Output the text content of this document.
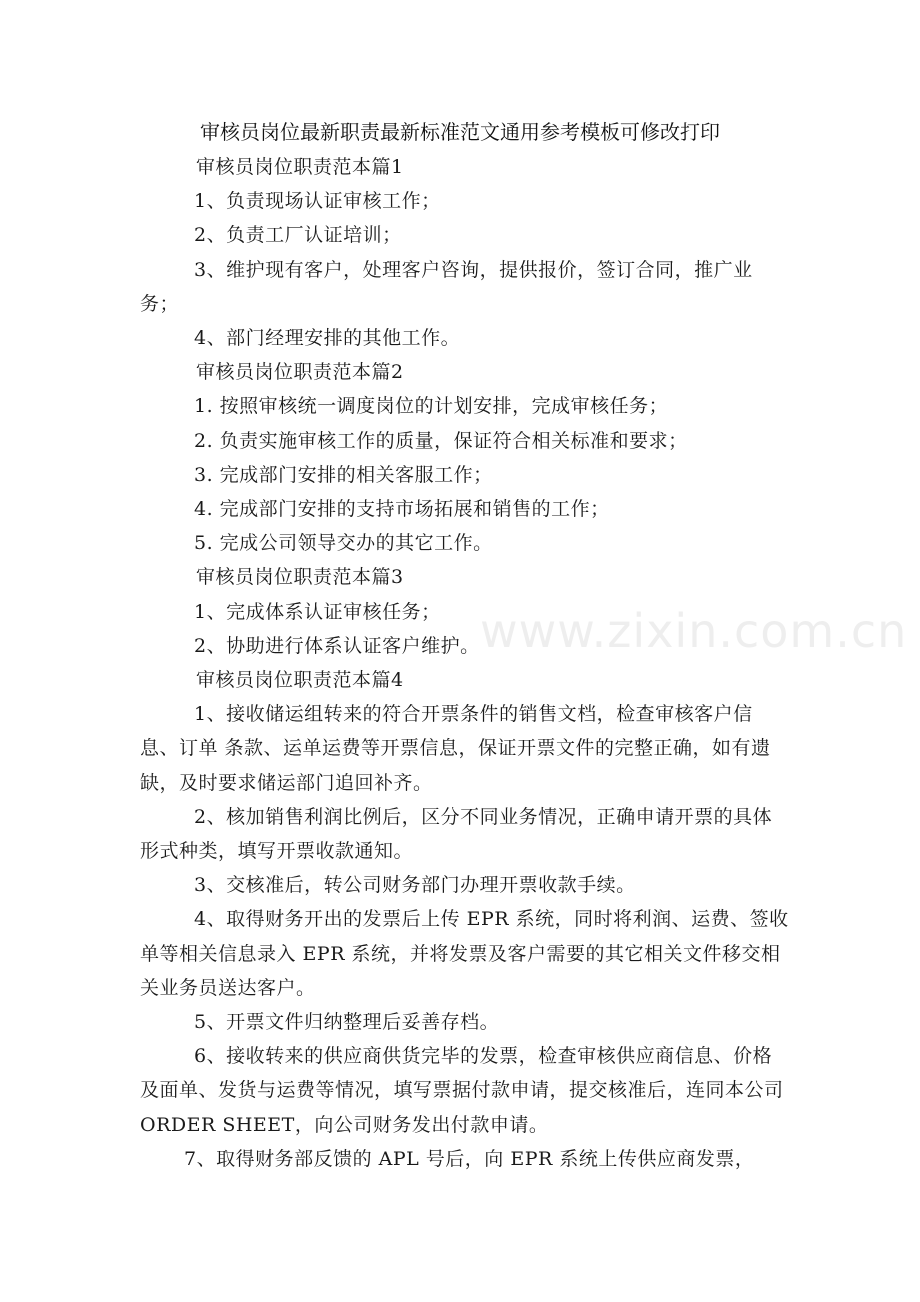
审核员岗位最新职责最新标准范文通用参考模板可修改打印

审核员岗位职责范本篇1

1、负责现场认证审核工作；

2、负责工厂认证培训；

3、维护现有客户，处理客户咨询，提供报价，签订合同，推广业务；

4、部门经理安排的其他工作。

审核员岗位职责范本篇2

1. 按照审核统一调度岗位的计划安排，完成审核任务；

2. 负责实施审核工作的质量，保证符合相关标准和要求；

3. 完成部门安排的相关客服工作；

4. 完成部门安排的支持市场拓展和销售的工作；

5. 完成公司领导交办的其它工作。

审核员岗位职责范本篇3

1、完成体系认证审核任务；

2、协助进行体系认证客户维护。

审核员岗位职责范本篇4

1、接收储运组转来的符合开票条件的销售文档，检查审核客户信息、订单 条款、运单运费等开票信息，保证开票文件的完整正确，如有遗缺，及时要求储运部门追回补齐。

2、核加销售利润比例后，区分不同业务情况，正确申请开票的具体形式种类，填写开票收款通知。

3、交核准后，转公司财务部门办理开票收款手续。

4、取得财务开出的发票后上传 EPR 系统，同时将利润、运费、签收单等相关信息录入 EPR 系统，并将发票及客户需要的其它相关文件移交相关业务员送达客户。

5、开票文件归纳整理后妥善存档。

6、接收转来的供应商供货完毕的发票，检查审核供应商信息、价格及面单、发货与运费等情况，填写票据付款申请，提交核准后，连同本公司 ORDER SHEET，向公司财务发出付款申请。

7、取得财务部反馈的 APL 号后，向 EPR 系统上传供应商发票，

www.zixin.com.cn
